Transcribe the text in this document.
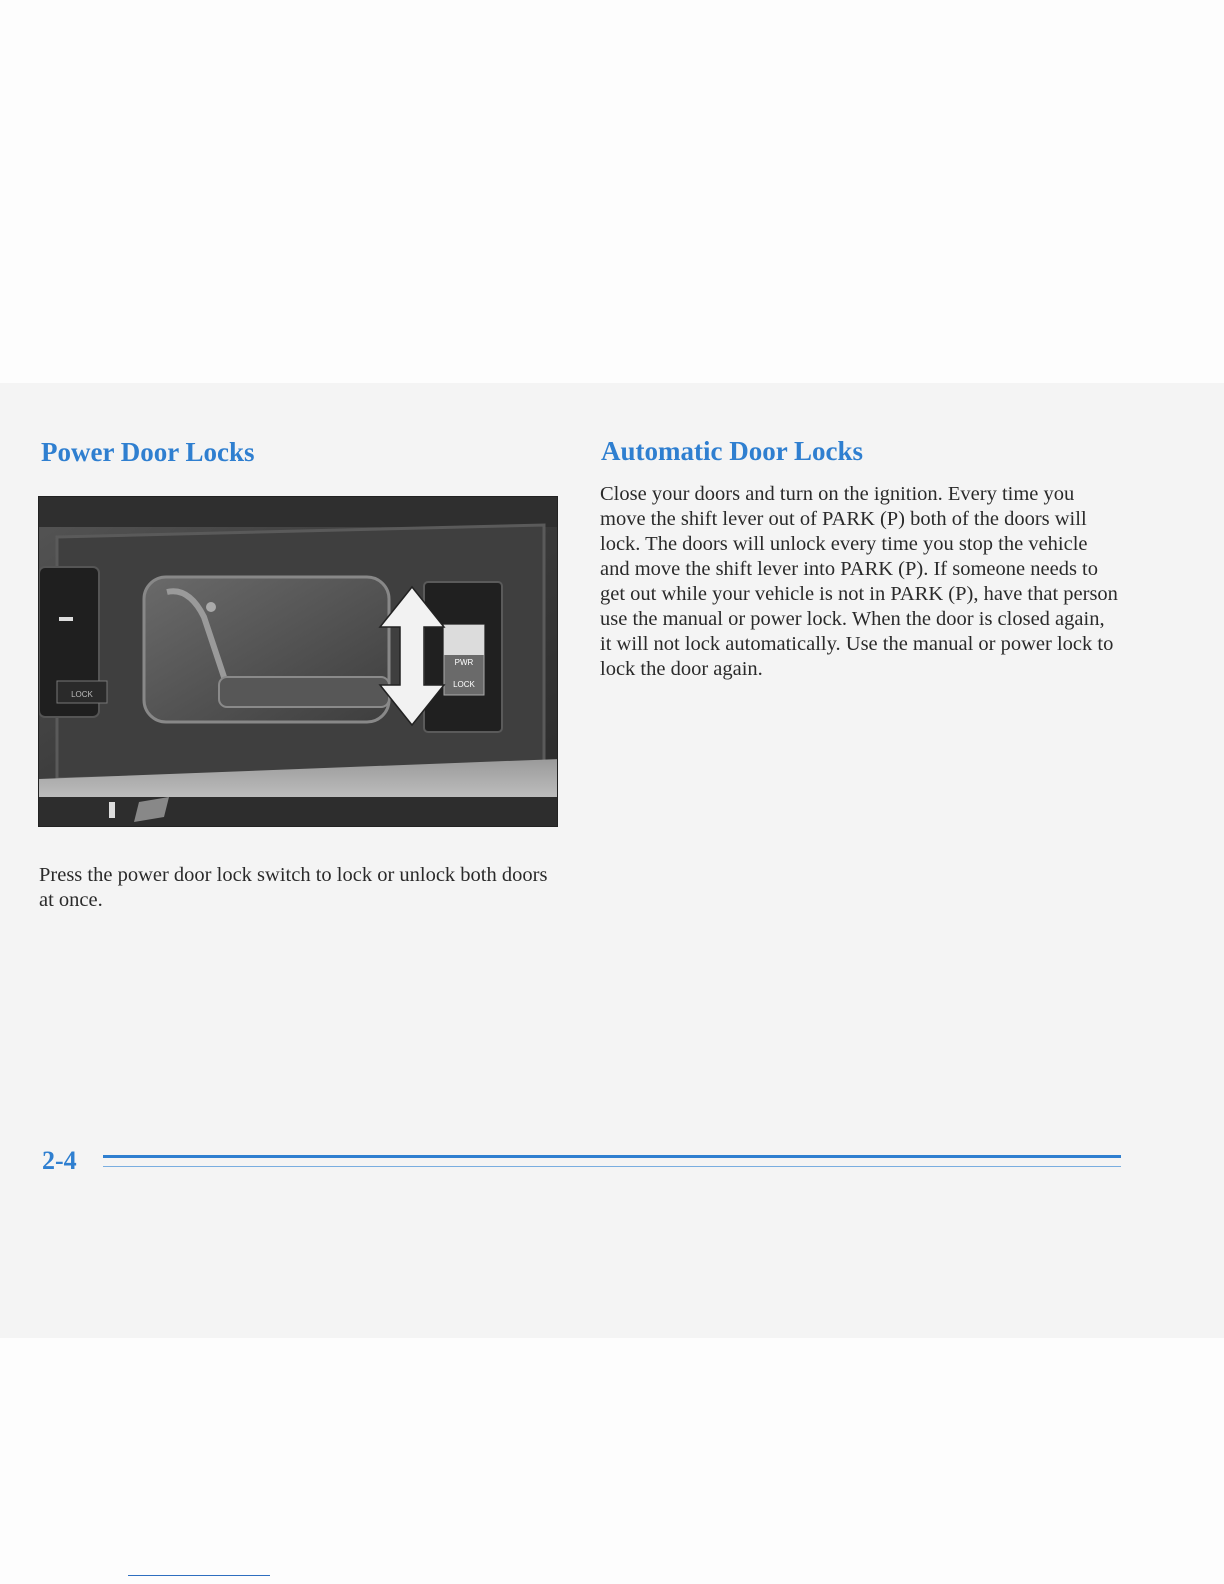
Power Door Locks
LOCK
PWR
LOCK

Press the power door lock switch to lock or unlock both doors at once.

Automatic Door Locks

Close your doors and turn on the ignition. Every time you move the shift lever out of PARK (P) both of the doors will lock. The doors will unlock every time you stop the vehicle and move the shift lever into PARK (P). If someone needs to get out while your vehicle is not in PARK (P), have that person use the manual or power lock. When the door is closed again, it will not lock automatically. Use the manual or power lock to lock the door again.

2-4
